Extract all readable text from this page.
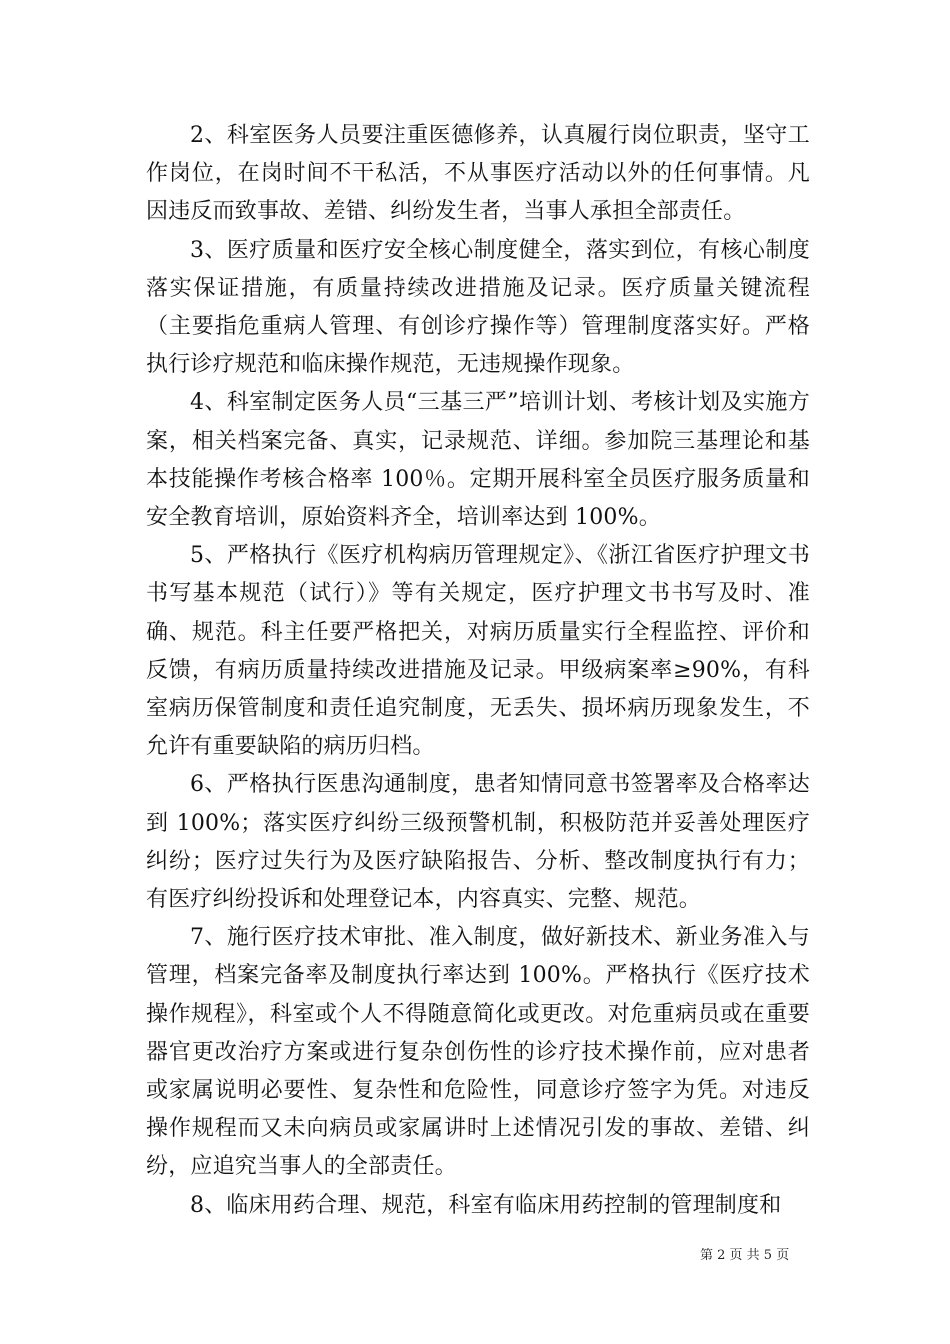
2、科室医务人员要注重医德修养，认真履行岗位职责，坚守工作岗位，在岗时间不干私活，不从事医疗活动以外的任何事情。凡因违反而致事故、差错、纠纷发生者，当事人承担全部责任。

3、医疗质量和医疗安全核心制度健全，落实到位，有核心制度落实保证措施，有质量持续改进措施及记录。医疗质量关键流程（主要指危重病人管理、有创诊疗操作等）管理制度落实好。严格执行诊疗规范和临床操作规范，无违规操作现象。

4、科室制定医务人员“三基三严”培训计划、考核计划及实施方案，相关档案完备、真实，记录规范、详细。参加院三基理论和基本技能操作考核合格率 100％。定期开展科室全员医疗服务质量和安全教育培训，原始资料齐全，培训率达到 100%。

5、严格执行《医疗机构病历管理规定》、《浙江省医疗护理文书书写基本规范（试行）》等有关规定，医疗护理文书书写及时、准确、规范。科主任要严格把关，对病历质量实行全程监控、评价和反馈，有病历质量持续改进措施及记录。甲级病案率≥90%，有科室病历保管制度和责任追究制度，无丢失、损坏病历现象发生，不允许有重要缺陷的病历归档。

6、严格执行医患沟通制度，患者知情同意书签署率及合格率达到 100%；落实医疗纠纷三级预警机制，积极防范并妥善处理医疗纠纷；医疗过失行为及医疗缺陷报告、分析、整改制度执行有力；有医疗纠纷投诉和处理登记本，内容真实、完整、规范。

7、施行医疗技术审批、准入制度，做好新技术、新业务准入与管理，档案完备率及制度执行率达到 100%。严格执行《医疗技术操作规程》，科室或个人不得随意简化或更改。对危重病员或在重要器官更改治疗方案或进行复杂创伤性的诊疗技术操作前，应对患者或家属说明必要性、复杂性和危险性，同意诊疗签字为凭。对违反操作规程而又未向病员或家属讲时上述情况引发的事故、差错、纠纷，应追究当事人的全部责任。

8、临床用药合理、规范，科室有临床用药控制的管理制度和

第 2 页 共 5 页
